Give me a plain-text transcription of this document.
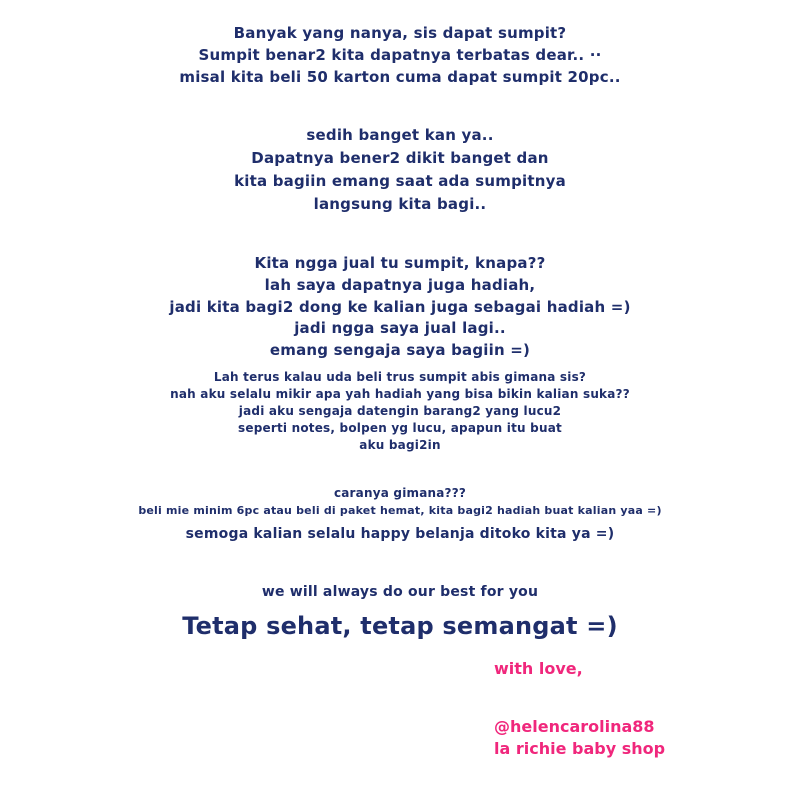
Banyak yang nanya, sis dapat sumpit?
Sumpit benar2 kita dapatnya terbatas dear.. ··
misal kita beli 50 karton cuma dapat sumpit 20pc..
sedih banget kan ya..
Dapatnya bener2 dikit banget dan
kita bagiin emang saat ada sumpitnya
langsung kita bagi..
Kita ngga jual tu sumpit, knapa??
lah saya dapatnya juga hadiah,
jadi kita bagi2 dong ke kalian juga sebagai hadiah =)
jadi ngga saya jual lagi..
emang sengaja saya bagiin =)
Lah terus kalau uda beli trus sumpit abis gimana sis?
nah aku selalu mikir apa yah hadiah yang bisa bikin kalian suka??
jadi aku sengaja datengin barang2 yang lucu2
seperti notes, bolpen yg lucu, apapun itu buat
aku bagi2in
caranya gimana???
beli mie minim 6pc atau beli di paket hemat, kita bagi2 hadiah buat kalian yaa =)
semoga kalian selalu happy belanja ditoko kita ya =)
we will always do our best for you
Tetap sehat, tetap semangat =)
with love,
@helencarolina88
la richie baby shop
